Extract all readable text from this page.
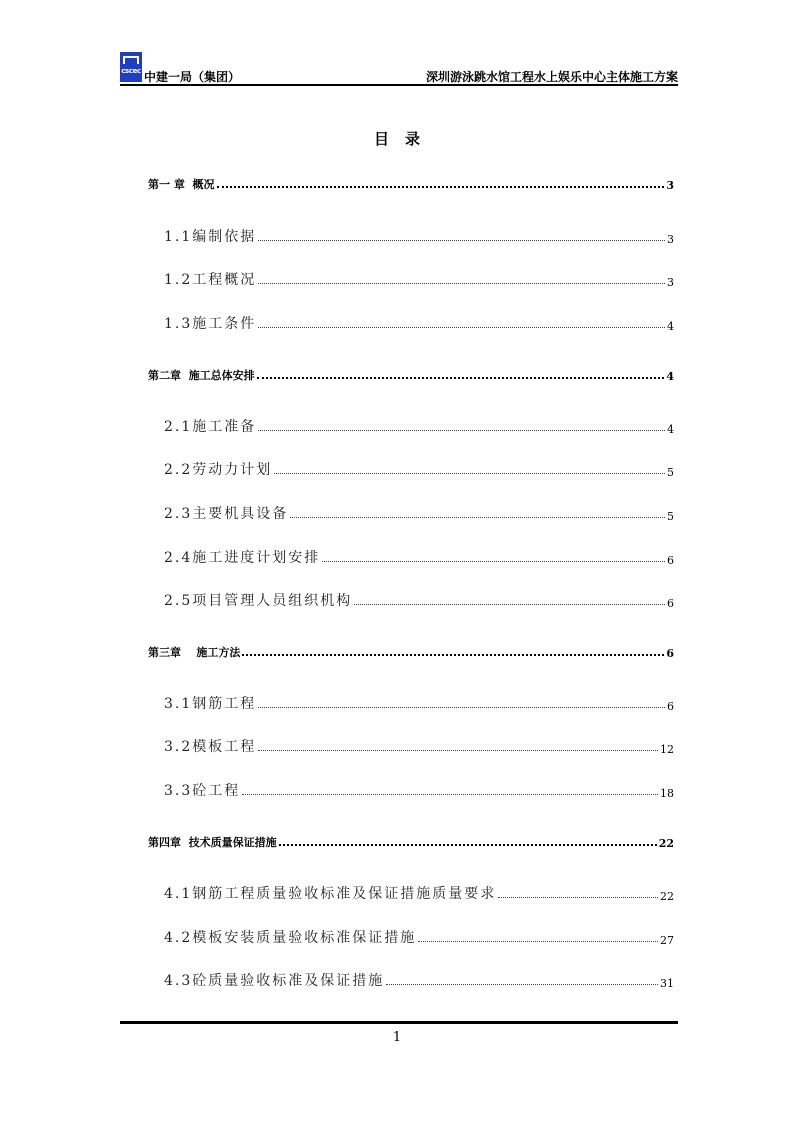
cscec 中建一局（集团）	深圳游泳跳水馆工程水上娱乐中心主体施工方案
目录
第一 章  概况	3
1.1编制依据	3
1.2工程概况	3
1.3施工条件	4
第二章  施工总体安排	4
2.1施工准备	4
2.2劳动力计划	5
2.3主要机具设备	5
2.4施工进度计划安排	6
2.5项目管理人员组织机构	6
第三章    施工方法	6
3.1钢筋工程	6
3.2模板工程	12
3.3砼工程	18
第四章  技术质量保证措施	22
4.1钢筋工程质量验收标准及保证措施质量要求	22
4.2模板安装质量验收标准保证措施	27
4.3砼质量验收标准及保证措施	31
1
